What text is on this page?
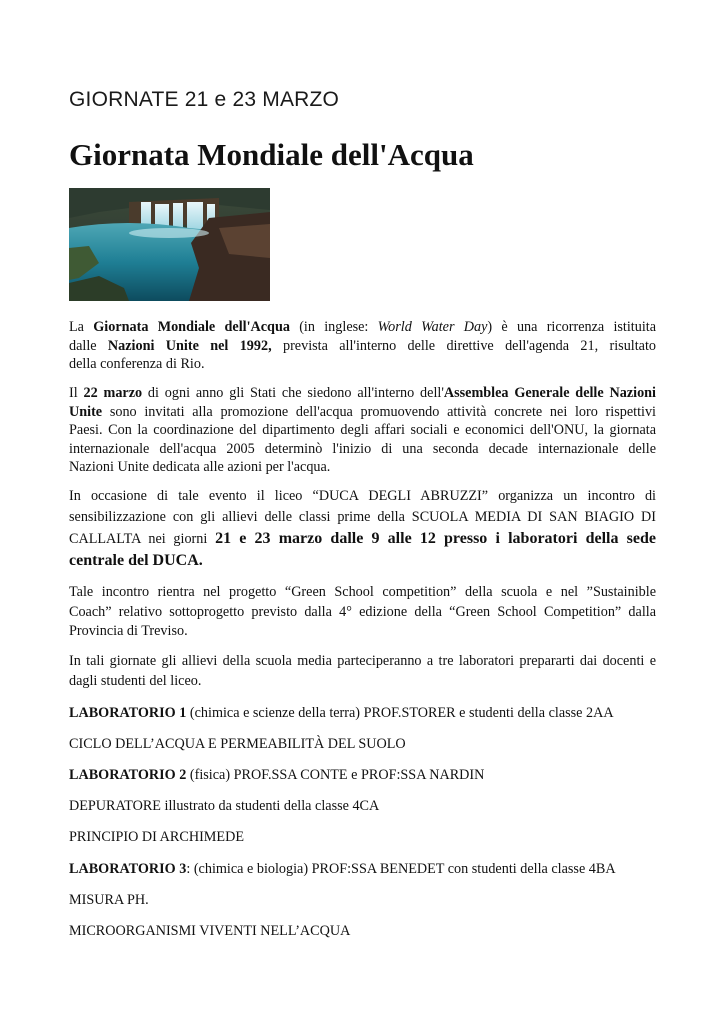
GIORNATE 21 e 23 MARZO
Giornata Mondiale dell'Acqua
La Giornata Mondiale dell'Acqua (in inglese: World Water Day) è una ricorrenza istituita
dalle Nazioni Unite nel 1992, prevista all'interno delle direttive dell'agenda 21, risultato
della conferenza di Rio.
Il 22 marzo di ogni anno gli Stati che siedono all'interno dell'Assemblea Generale delle Nazioni
Unite sono invitati alla promozione dell'acqua promuovendo attività concrete nei loro rispettivi
Paesi. Con la coordinazione del dipartimento degli affari sociali e economici dell'ONU, la giornata
internazionale dell'acqua 2005 determinò l'inizio di una seconda decade internazionale delle
Nazioni Unite dedicata alle azioni per l'acqua.
In occasione di tale evento il liceo “DUCA DEGLI ABRUZZI” organizza un incontro di
sensibilizzazione con gli allievi delle classi prime della SCUOLA MEDIA DI SAN BIAGIO DI
CALLALTA nei giorni 21 e 23 marzo dalle 9 alle 12 presso i laboratori della sede
centrale del DUCA.
Tale incontro rientra nel progetto “Green School competition” della scuola e nel ”Sustainible
Coach” relativo sottoprogetto previsto dalla 4° edizione della “Green School Competition” dalla
Provincia di Treviso.
In tali giornate gli allievi della scuola media parteciperanno a tre laboratori prepararti dai docenti e
dagli studenti del liceo.

LABORATORIO 1 (chimica e scienze della terra) PROF.STORER e studenti della classe 2AA

CICLO DELL’ACQUA E PERMEABILITÀ DEL SUOLO

LABORATORIO 2 (fisica) PROF.SSA CONTE e PROF:SSA NARDIN

DEPURATORE illustrato da studenti della classe 4CA

PRINCIPIO DI ARCHIMEDE

LABORATORIO 3: (chimica e biologia) PROF:SSA BENEDET con studenti della classe 4BA

MISURA PH.

MICROORGANISMI VIVENTI NELL’ACQUA
